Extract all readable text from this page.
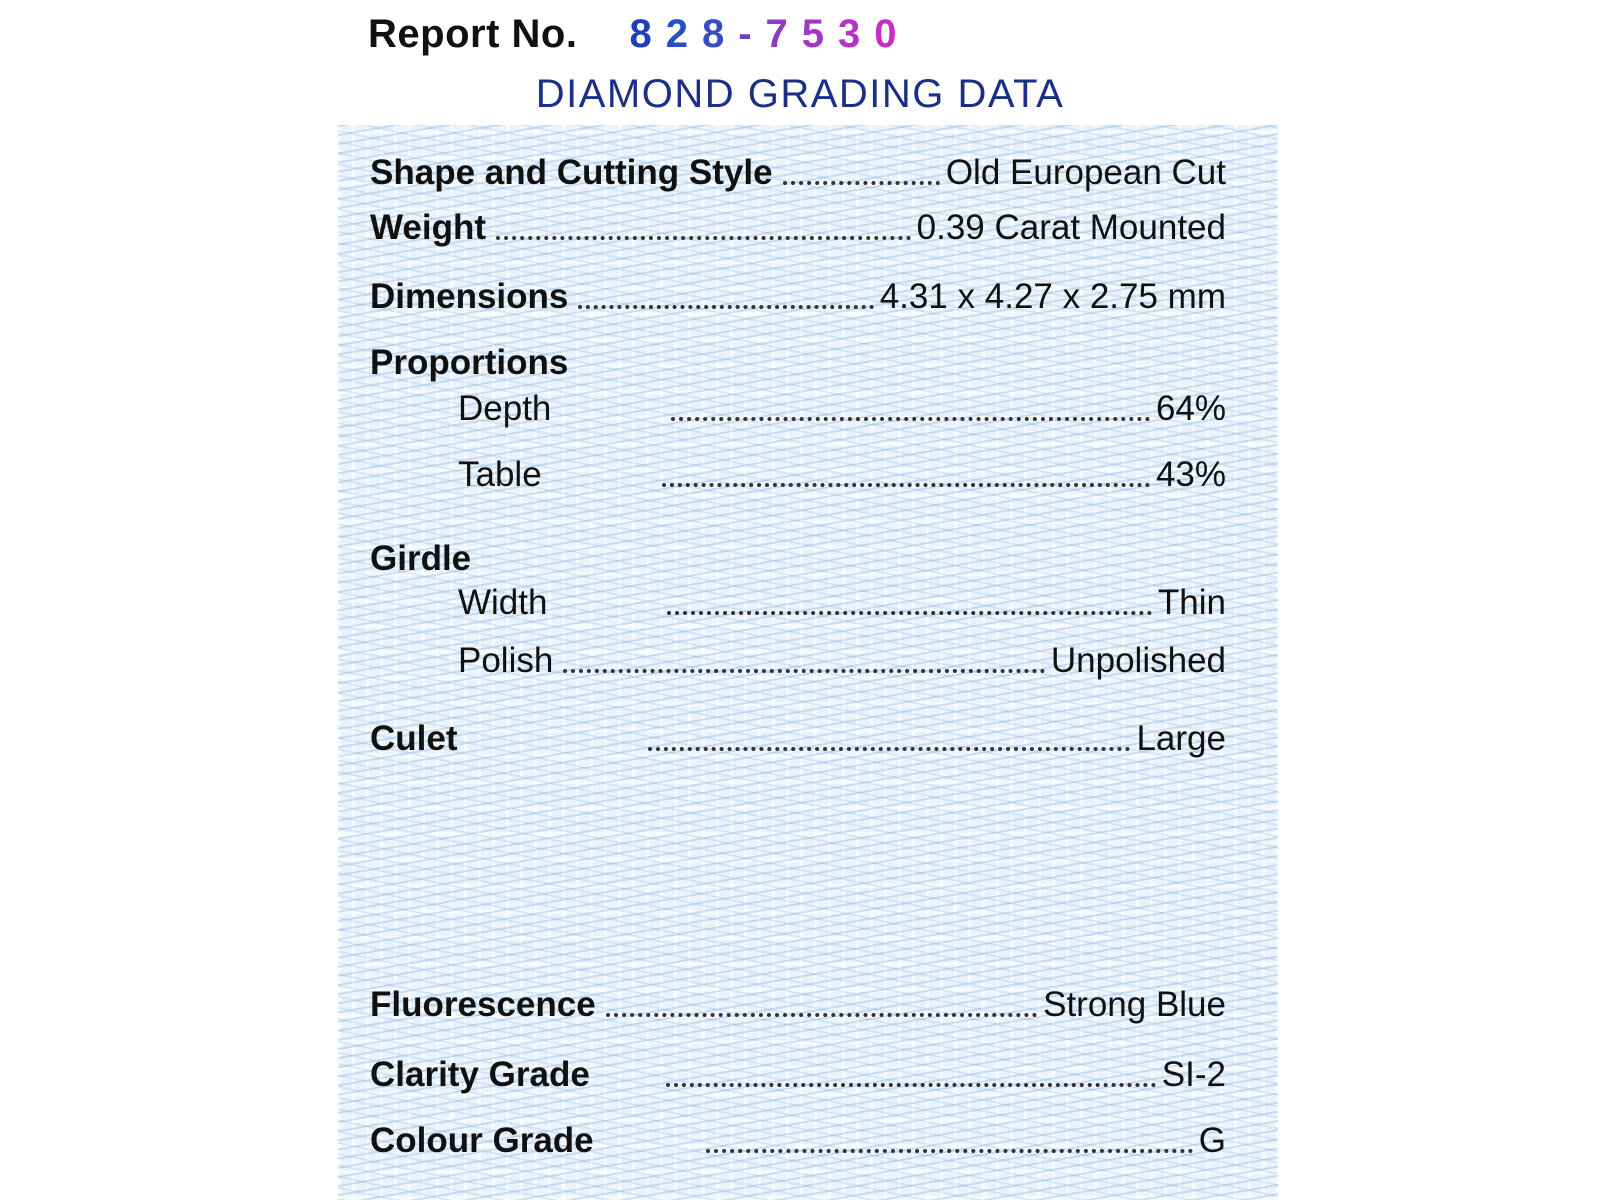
Report No. 8 2 8 - 7 5 3 0
DIAMOND GRADING DATA
Shape and Cutting Style	Old European Cut
Weight	0.39 Carat Mounted
Dimensions	4.31 x 4.27 x 2.75 mm
Proportions
Depth	64%
Table	43%
Girdle
Width	Thin
Polish	Unpolished
Culet	Large
Fluorescence	Strong Blue
Clarity Grade	SI-2
Colour Grade	G
